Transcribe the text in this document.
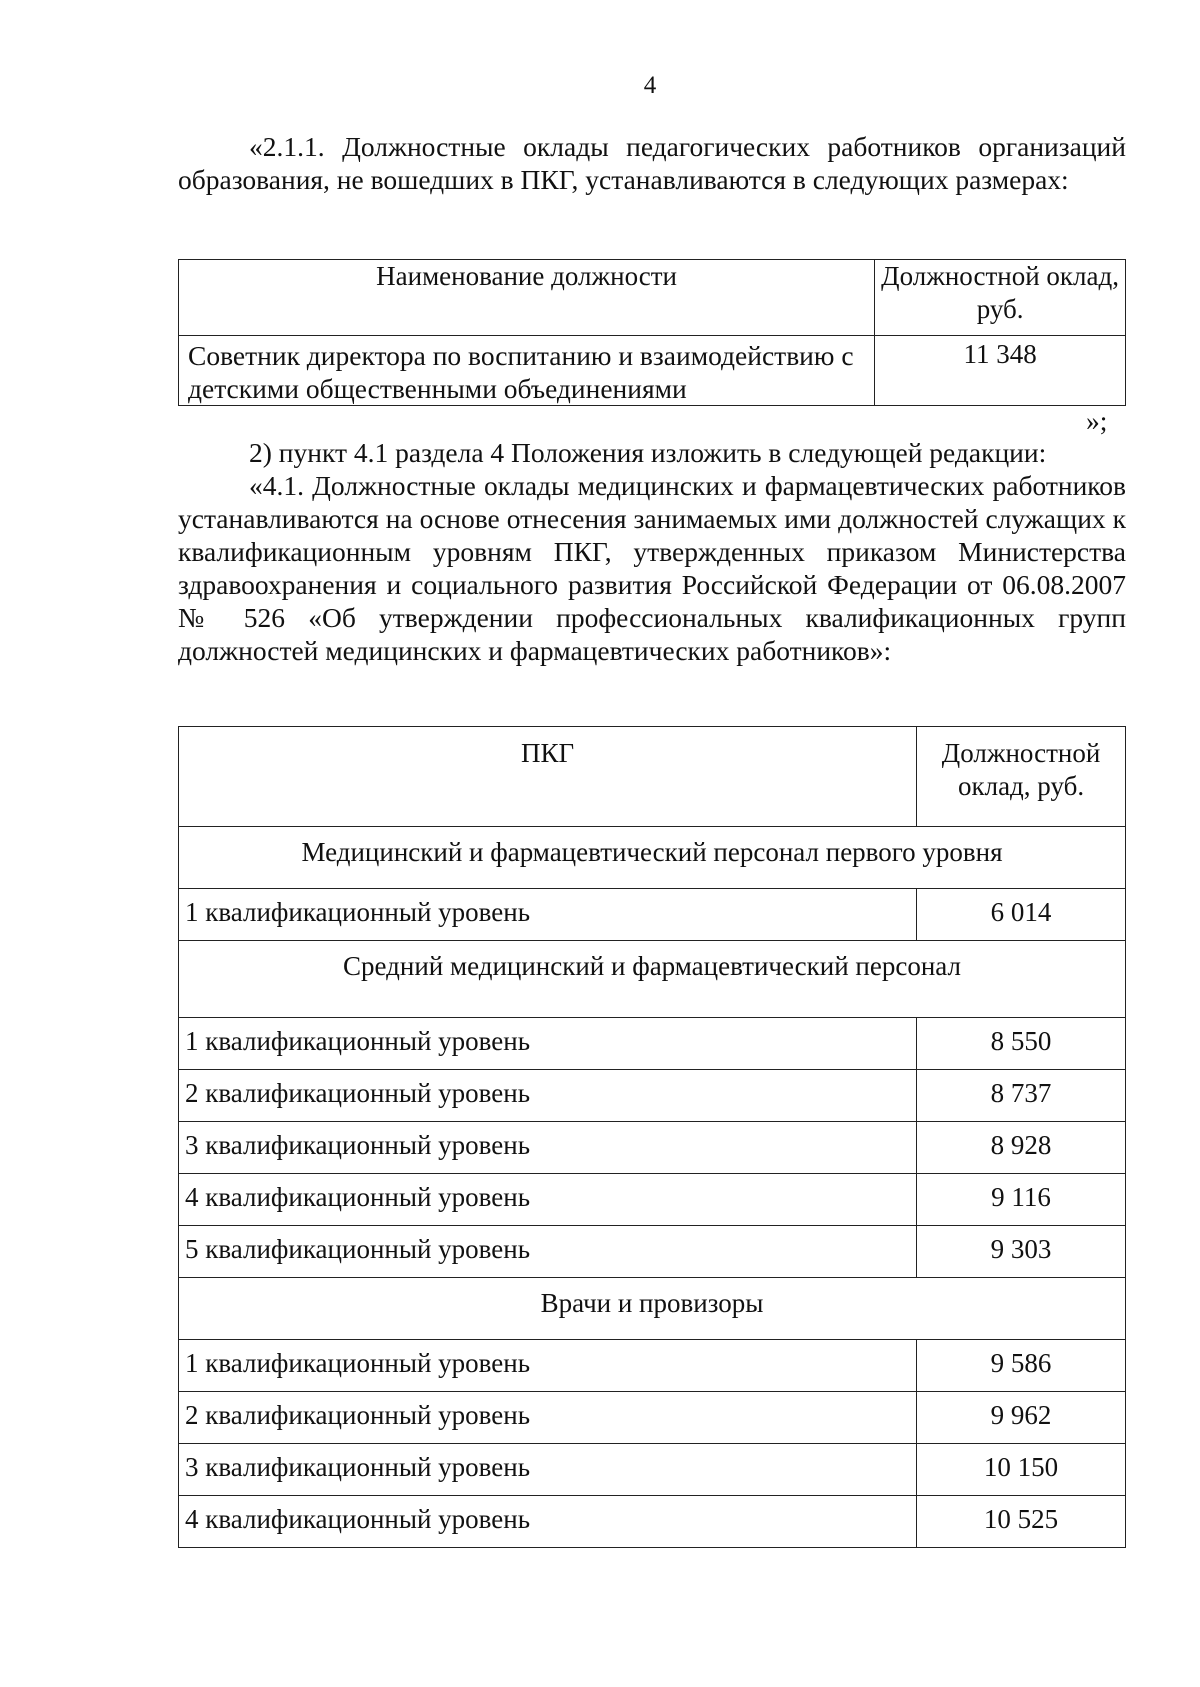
4
«2.1.1. Должностные оклады педагогических работников организаций образования, не вошедших в ПКГ, устанавливаются в следующих размерах:
Наименование должности	Должностной оклад, руб.
Советник директора по воспитанию и взаимодействию с детскими общественными объединениями	11 348
»;
2) пункт 4.1 раздела 4 Положения изложить в следующей редакции:
«4.1. Должностные оклады медицинских и фармацевтических работников устанавливаются на основе отнесения занимаемых ими должностей служащих к квалификационным уровням ПКГ, утвержденных приказом Министерства здравоохранения и социального развития Российской Федерации от 06.08.2007 № 526 «Об утверждении профессиональных квалификационных групп должностей медицинских и фармацевтических работников»:
ПКГ	Должностной оклад, руб.
Медицинский и фармацевтический персонал первого уровня	
1 квалификационный уровень	6 014
Средний медицинский и фармацевтический персонал	
1 квалификационный уровень	8 550
2 квалификационный уровень	8 737
3 квалификационный уровень	8 928
4 квалификационный уровень	9 116
5 квалификационный уровень	9 303
Врачи и провизоры	
1 квалификационный уровень	9 586
2 квалификационный уровень	9 962
3 квалификационный уровень	10 150
4 квалификационный уровень	10 525
